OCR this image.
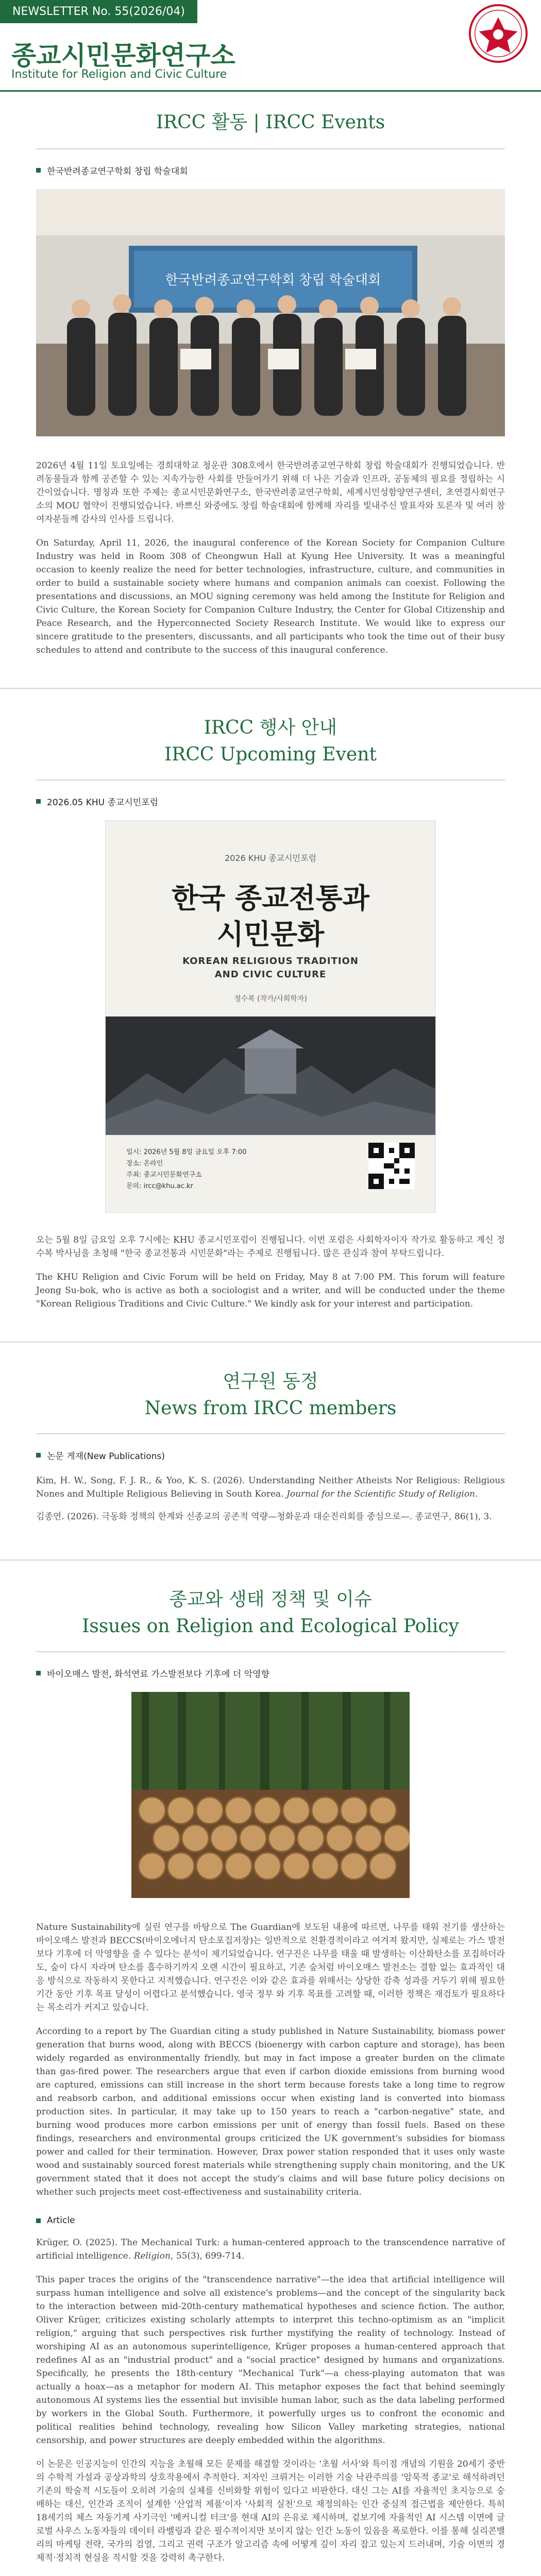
NEWSLETTER No. 55(2026/04)
종교시민문화연구소
Institute for Religion and Civic Culture
IRCC 활동 | IRCC Events
한국반려종교연구학회 창립 학술대회
한국반려종교연구학회 창립 학술대회

2026년 4월 11일 토요일에는 경희대학교 청운관 308호에서 한국반려종교연구학회 창립 학술대회가 진행되었습니다. 반려동물들과 함께 공존할 수 있는 지속가능한 사회를 만들어가기 위해 더 나은 기술과 인프라, 공동체의 필요를 정립하는 시간이었습니다. 명칭과 또한 주제는 종교시민문화연구소, 한국반려종교연구학회, 세계시민성함양연구센터, 초연결사회연구소의 MOU 협약이 진행되었습니다. 바쁘신 와중에도 창립 학술대회에 함께해 자리를 빛내주신 발표자와 토론자 및 여러 참여자분들께 감사의 인사를 드립니다.

On Saturday, April 11, 2026, the inaugural conference of the Korean Society for Companion Culture Industry was held in Room 308 of Cheongwun Hall at Kyung Hee University. It was a meaningful occasion to keenly realize the need for better technologies, infrastructure, culture, and communities in order to build a sustainable society where humans and companion animals can coexist. Following the presentations and discussions, an MOU signing ceremony was held among the Institute for Religion and Civic Culture, the Korean Society for Companion Culture Industry, the Center for Global Citizenship and Peace Research, and the Hyperconnected Society Research Institute. We would like to express our sincere gratitude to the presenters, discussants, and all participants who took the time out of their busy schedules to attend and contribute to the success of this inaugural conference.

IRCC 행사 안내
IRCC Upcoming Event
2026.05 KHU 종교시민포럼
2026 KHU 종교시민포럼
한국 종교전통과
시민문화
KOREAN RELIGIOUS TRADITION
AND CIVIC CULTURE
정수복 (작가/사회학자)
일시: 2026년 5월 8일 금요일 오후 7:00
장소: 온라인
주최: 종교시민문화연구소
문의: ircc@khu.ac.kr

오는 5월 8일 금요일 오후 7시에는 KHU 종교시민포럼이 진행됩니다. 이번 포럼은 사회학자이자 작가로 활동하고 계신 정수복 박사님을 초청해 "한국 종교전통과 시민문화"라는 주제로 진행됩니다. 많은 관심과 참여 부탁드립니다.

The KHU Religion and Civic Forum will be held on Friday, May 8 at 7:00 PM. This forum will feature Jeong Su-bok, who is active as both a sociologist and a writer, and will be conducted under the theme "Korean Religious Traditions and Civic Culture." We kindly ask for your interest and participation.

연구원 동정
News from IRCC members
논문 게재(New Publications)

Kim, H. W., Song, F. J. R., & Yoo, K. S. (2026). Understanding Neither Atheists Nor Religious: Religious Nones and Multiple Religious Believing in South Korea. Journal for the Scientific Study of Religion.

김종연. (2026). 극동화 정책의 한계와 신종교의 공존적 역량—청화운과 대순진리회를 중심으로—. 종교연구, 86(1), 3.

종교와 생태 정책 및 이슈
Issues on Religion and Ecological Policy
바이오매스 발전, 화석연료 가스발전보다 기후에 더 악영향

Nature Sustainability에 실린 연구를 바탕으로 The Guardian에 보도된 내용에 따르면, 나무를 태워 전기를 생산하는 바이오매스 발전과 BECCS(바이오에너지 탄소포집저장)는 일반적으로 친환경적이라고 여겨져 왔지만, 실제로는 가스 발전보다 기후에 더 악영향을 줄 수 있다는 분석이 제기되었습니다. 연구진은 나무를 태울 때 발생하는 이산화탄소를 포집하더라도, 숲이 다시 자라며 탄소를 흡수하기까지 오랜 시간이 필요하고, 기존 숲처럼 바이오매스 발전소는 결함 없는 효과적인 대응 방식으로 작동하지 못한다고 지적했습니다. 연구진은 이와 같은 효과를 위해서는 상당한 감축 성과를 거두기 위해 필요한 기간 동안 기후 목표 달성이 어렵다고 분석했습니다. 영국 정부 와 기후 목표를 고려할 때, 이러한 정책은 재검토가 필요하다는 목소리가 커지고 있습니다.

According to a report by The Guardian citing a study published in Nature Sustainability, biomass power generation that burns wood, along with BECCS (bioenergy with carbon capture and storage), has been widely regarded as environmentally friendly, but may in fact impose a greater burden on the climate than gas-fired power. The researchers argue that even if carbon dioxide emissions from burning wood are captured, emissions can still increase in the short term because forests take a long time to regrow and reabsorb carbon, and additional emissions occur when existing land is converted into biomass production sites. In particular, it may take up to 150 years to reach a "carbon-negative" state, and burning wood produces more carbon emissions per unit of energy than fossil fuels. Based on these findings, researchers and environmental groups criticized the UK government's subsidies for biomass power and called for their termination. However, Drax power station responded that it uses only waste wood and sustainably sourced forest materials while strengthening supply chain monitoring, and the UK government stated that it does not accept the study's claims and will base future policy decisions on whether such projects meet cost-effectiveness and sustainability criteria.

Article

Krüger, O. (2025). The Mechanical Turk: a human-centered approach to the transcendence narrative of artificial intelligence. Religion, 55(3), 699-714.

This paper traces the origins of the "transcendence narrative"—the idea that artificial intelligence will surpass human intelligence and solve all existence's problems—and the concept of the singularity back to the interaction between mid-20th-century mathematical hypotheses and science fiction. The author, Oliver Krüger, criticizes existing scholarly attempts to interpret this techno-optimism as an "implicit religion," arguing that such perspectives risk further mystifying the reality of technology. Instead of worshiping AI as an autonomous superintelligence, Krüger proposes a human-centered approach that redefines AI as an "industrial product" and a "social practice" designed by humans and organizations. Specifically, he presents the 18th-century "Mechanical Turk"—a chess-playing automaton that was actually a hoax—as a metaphor for modern AI. This metaphor exposes the fact that behind seemingly autonomous AI systems lies the essential but invisible human labor, such as the data labeling performed by workers in the Global South. Furthermore, it powerfully urges us to confront the economic and political realities behind technology, revealing how Silicon Valley marketing strategies, national censorship, and power structures are deeply embedded within the algorithms.

이 논문은 인공지능이 인간의 지능을 초월해 모든 문제를 해결할 것이라는 '초월 서사'와 특이점 개념의 기원을 20세기 중반의 수학적 가설과 공상과학의 상호작용에서 추적한다. 저자인 크뤼거는 이러한 기술 낙관주의를 '암묵적 종교'로 해석하려던 기존의 학술적 시도들이 오히려 기술의 실체를 신비화할 위험이 있다고 비판한다. 대신 그는 AI를 자율적인 초지능으로 숭배하는 대신, 인간과 조직이 설계한 '산업적 제품'이자 '사회적 실천'으로 재정의하는 인간 중심적 접근법을 제안한다. 특히 18세기의 체스 자동기계 사기극인 '메커니컬 터크'를 현대 AI의 은유로 제시하며, 겉보기에 자율적인 AI 시스템 이면에 글로벌 사우스 노동자들의 데이터 라벨링과 같은 필수적이지만 보이지 않는 인간 노동이 있음을 폭로한다. 이를 통해 실리콘밸리의 마케팅 전략, 국가의 검열, 그리고 권력 구조가 알고리즘 속에 어떻게 깊이 자리 잡고 있는지 드러내며, 기술 이면의 경제적·정치적 현실을 직시할 것을 강력히 촉구한다.
